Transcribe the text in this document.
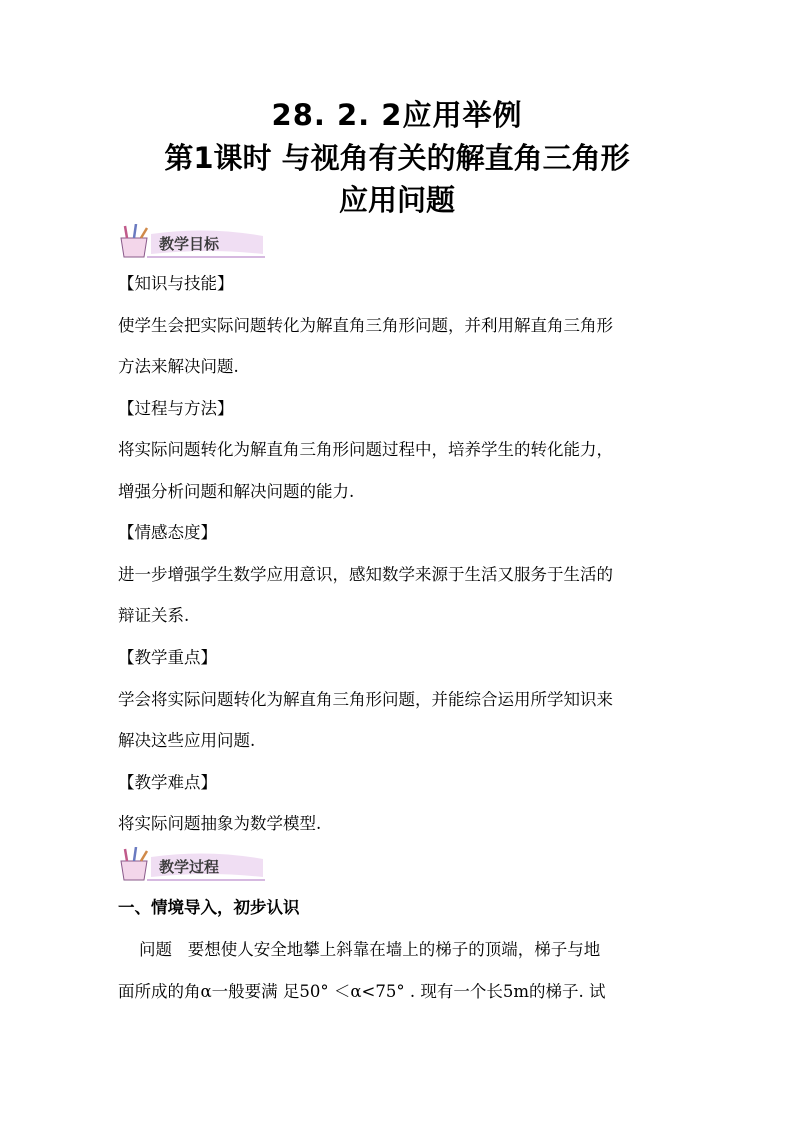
28. 2. 2应用举例
第1课时 与视角有关的解直角三角形
应用问题
教学目标
【知识与技能】
使学生会把实际问题转化为解直角三角形问题，并利用解直角三角形
方法来解决问题.
【过程与方法】
将实际问题转化为解直角三角形问题过程中，培养学生的转化能力，
增强分析问题和解决问题的能力.
【情感态度】
进一步增强学生数学应用意识，感知数学来源于生活又服务于生活的
辩证关系.
【教学重点】
学会将实际问题转化为解直角三角形问题，并能综合运用所学知识来
解决这些应用问题.
【教学难点】
将实际问题抽象为数学模型.
教学过程
一、情境导入，初步认识
问题   要想使人安全地攀上斜靠在墙上的梯子的顶端，梯子与地
面所成的角α一般要满 足50° ＜α<75° . 现有一个长5m的梯子. 试
